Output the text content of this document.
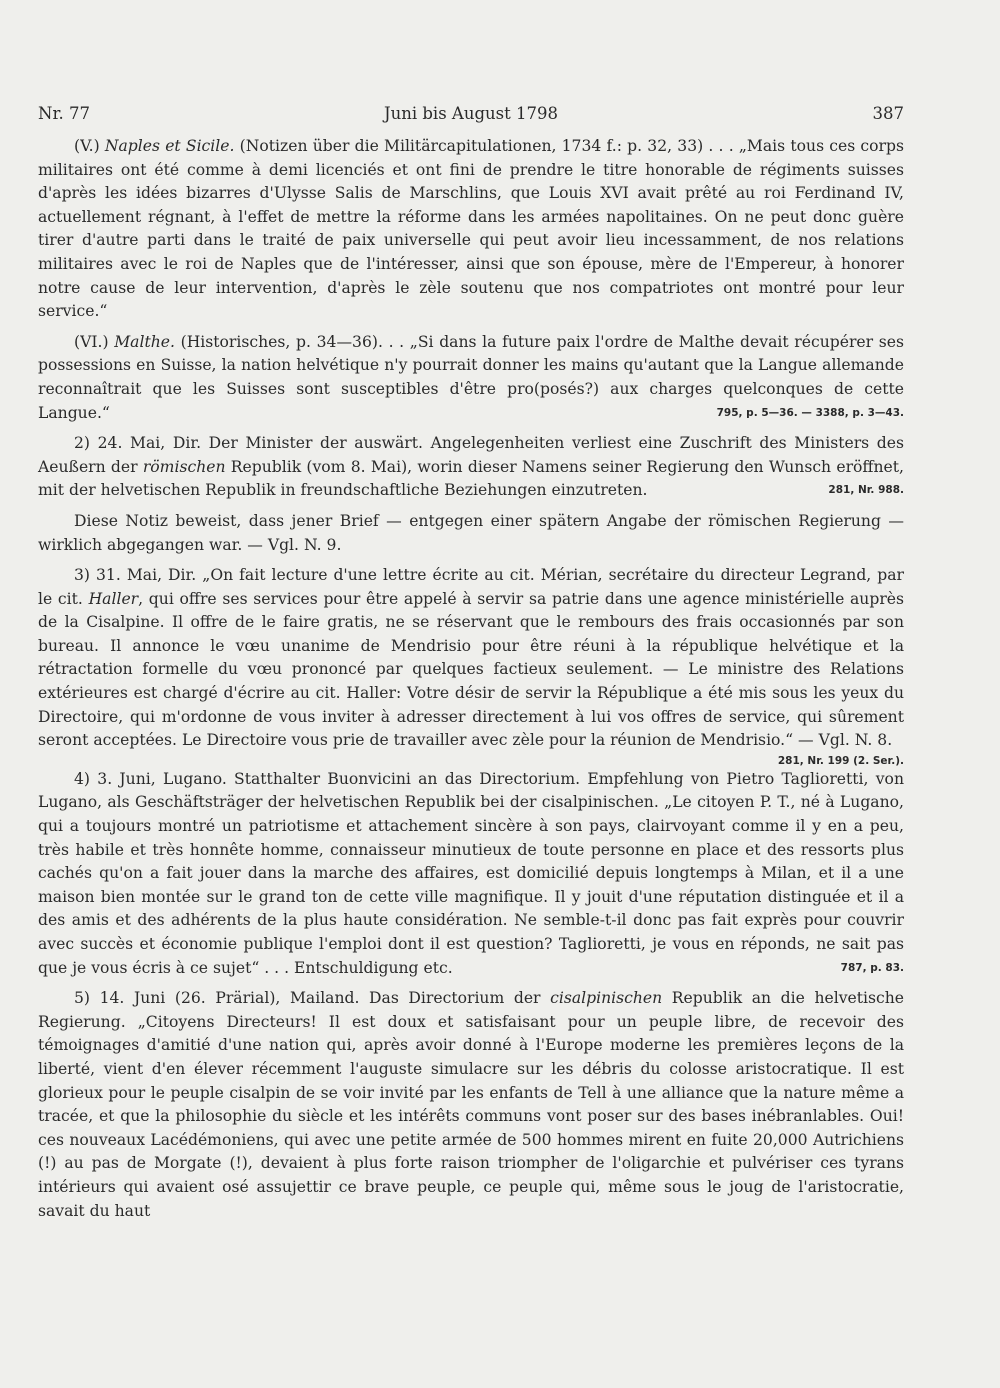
Nr. 77	Juni bis August 1798	387

(V.) Naples et Sicile. (Notizen über die Militärcapitulationen, 1734 f.: p. 32, 33) . . . „Mais tous ces corps militaires ont été comme à demi licenciés et ont fini de prendre le titre honorable de régiments suisses d'après les idées bizarres d'Ulysse Salis de Marschlins, que Louis XVI avait prêté au roi Ferdinand IV, actuellement régnant, à l'effet de mettre la réforme dans les armées napolitaines. On ne peut donc guère tirer d'autre parti dans le traité de paix universelle qui peut avoir lieu incessamment, de nos relations militaires avec le roi de Naples que de l'intéresser, ainsi que son épouse, mère de l'Empereur, à honorer notre cause de leur intervention, d'après le zèle soutenu que nos compatriotes ont montré pour leur service.“

(VI.) Malthe. (Historisches, p. 34—36). . . „Si dans la future paix l'ordre de Malthe devait récupérer ses possessions en Suisse, la nation helvétique n'y pourrait donner les mains qu'autant que la Langue allemande reconnaîtrait que les Suisses sont susceptibles d'être pro(posés?) aux charges quelconques de cette Langue.“	795, p. 5—36. — 3388, p. 3—43.

2) 24. Mai, Dir. Der Minister der auswärt. Angelegenheiten verliest eine Zuschrift des Ministers des Aeußern der römischen Republik (vom 8. Mai), worin dieser Namens seiner Regierung den Wunsch eröffnet, mit der helvetischen Republik in freundschaftliche Beziehungen einzutreten.	281, Nr. 988.

Diese Notiz beweist, dass jener Brief — entgegen einer spätern Angabe der römischen Regierung — wirklich abgegangen war. — Vgl. N. 9.

3) 31. Mai, Dir. „On fait lecture d'une lettre écrite au cit. Mérian, secrétaire du directeur Legrand, par le cit. Haller, qui offre ses services pour être appelé à servir sa patrie dans une agence ministérielle auprès de la Cisalpine. Il offre de le faire gratis, ne se réservant que le rembours des frais occasionnés par son bureau. Il annonce le vœu unanime de Mendrisio pour être réuni à la république helvétique et la rétractation formelle du vœu prononcé par quelques factieux seulement. — Le ministre des Relations extérieures est chargé d'écrire au cit. Haller: Votre désir de servir la République a été mis sous les yeux du Directoire, qui m'ordonne de vous inviter à adresser directement à lui vos offres de service, qui sûrement seront acceptées. Le Directoire vous prie de travailler avec zèle pour la réunion de Mendrisio.“ — Vgl. N. 8.

281, Nr. 199 (2. Ser.).

4) 3. Juni, Lugano. Statthalter Buonvicini an das Directorium. Empfehlung von Pietro Taglioretti, von Lugano, als Geschäftsträger der helvetischen Republik bei der cisalpinischen. „Le citoyen P. T., né à Lugano, qui a toujours montré un patriotisme et attachement sincère à son pays, clairvoyant comme il y en a peu, très habile et très honnête homme, connaisseur minutieux de toute personne en place et des ressorts plus cachés qu'on a fait jouer dans la marche des affaires, est domicilié depuis longtemps à Milan, et il a une maison bien montée sur le grand ton de cette ville magnifique. Il y jouit d'une réputation distinguée et il a des amis et des adhérents de la plus haute considération. Ne semble-t-il donc pas fait exprès pour couvrir avec succès et économie publique l'emploi dont il est question? Taglioretti, je vous en réponds, ne sait pas que je vous écris à ce sujet“ . . . Entschuldigung etc.	787, p. 83.

5) 14. Juni (26. Prärial), Mailand. Das Directorium der cisalpinischen Republik an die helvetische Regierung. „Citoyens Directeurs! Il est doux et satisfaisant pour un peuple libre, de recevoir des témoignages d'amitié d'une nation qui, après avoir donné à l'Europe moderne les premières leçons de la liberté, vient d'en élever récemment l'auguste simulacre sur les débris du colosse aristocratique. Il est glorieux pour le peuple cisalpin de se voir invité par les enfants de Tell à une alliance que la nature même a tracée, et que la philosophie du siècle et les intérêts communs vont poser sur des bases inébranlables. Oui! ces nouveaux Lacédémoniens, qui avec une petite armée de 500 hommes mirent en fuite 20,000 Autrichiens (!) au pas de Morgate (!), devaient à plus forte raison triompher de l'oligarchie et pulvériser ces tyrans intérieurs qui avaient osé assujettir ce brave peuple, ce peuple qui, même sous le joug de l'aristocratie, savait du haut
